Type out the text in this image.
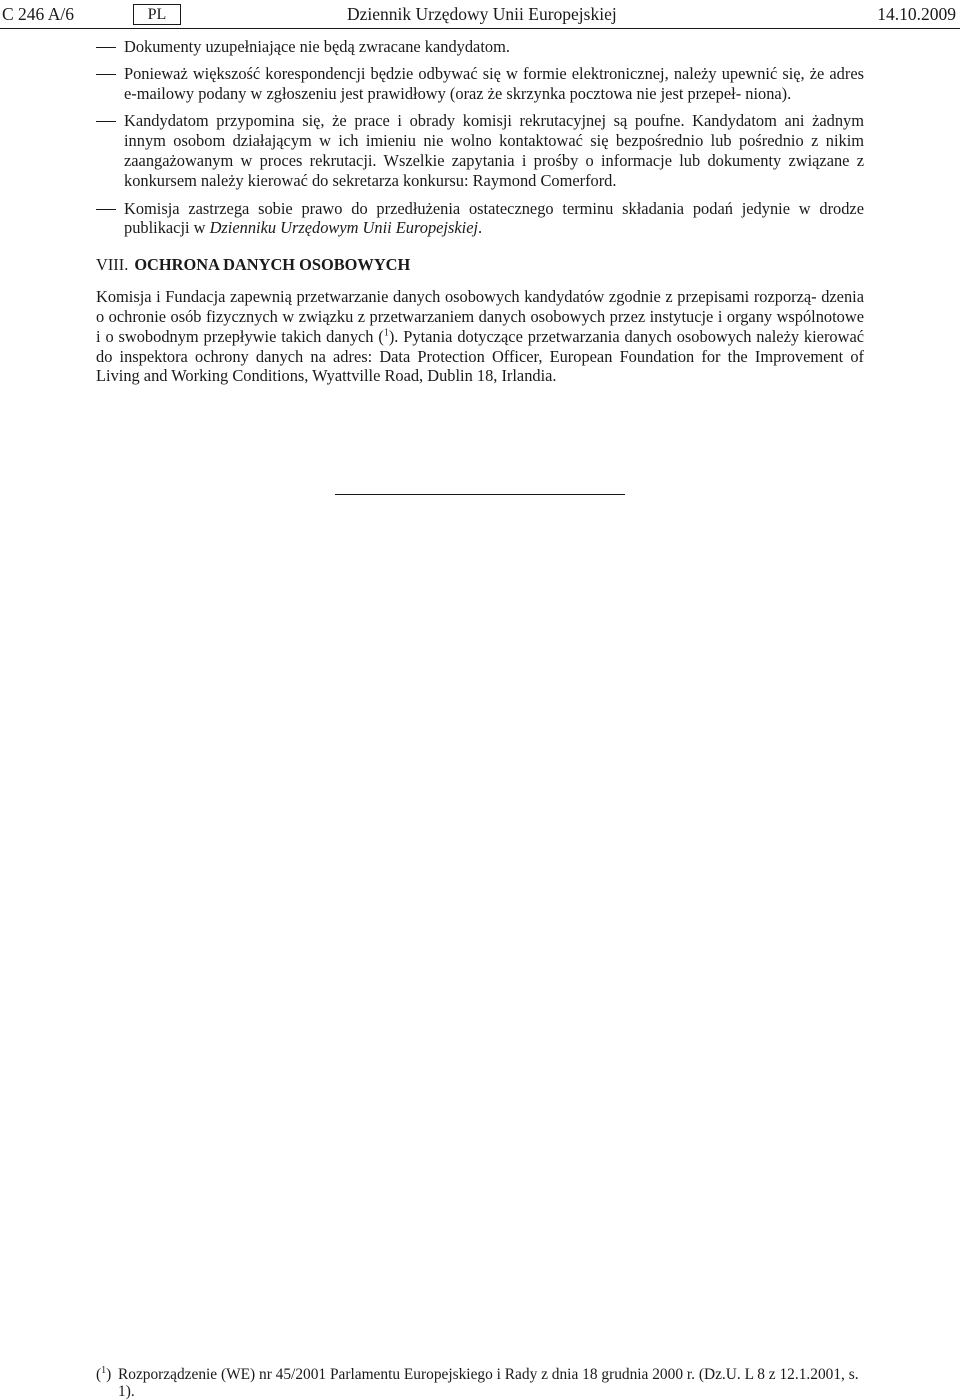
C 246 A/6	PL	Dziennik Urzędowy Unii Europejskiej	14.10.2009
Dokumenty uzupełniające nie będą zwracane kandydatom.
Ponieważ większość korespondencji będzie odbywać się w formie elektronicznej, należy upewnić się, że adres e-mailowy podany w zgłoszeniu jest prawidłowy (oraz że skrzynka pocztowa nie jest przepeł- niona).
Kandydatom przypomina się, że prace i obrady komisji rekrutacyjnej są poufne. Kandydatom ani żadnym innym osobom działającym w ich imieniu nie wolno kontaktować się bezpośrednio lub pośrednio z nikim zaangażowanym w proces rekrutacji. Wszelkie zapytania i prośby o informacje lub dokumenty związane z konkursem należy kierować do sekretarza konkursu: Raymond Comerford.
Komisja zastrzega sobie prawo do przedłużenia ostatecznego terminu składania podań jedynie w drodze publikacji w Dzienniku Urzędowym Unii Europejskiej.
VIII. OCHRONA DANYCH OSOBOWYCH
Komisja i Fundacja zapewnią przetwarzanie danych osobowych kandydatów zgodnie z przepisami rozporzą- dzenia o ochronie osób fizycznych w związku z przetwarzaniem danych osobowych przez instytucje i organy wspólnotowe i o swobodnym przepływie takich danych ($^1$). Pytania dotyczące przetwarzania danych osobowych należy kierować do inspektora ochrony danych na adres: Data Protection Officer, European Foundation for the Improvement of Living and Working Conditions, Wyattville Road, Dublin 18, Irlandia.
($^1$) Rozporządzenie (WE) nr 45/2001 Parlamentu Europejskiego i Rady z dnia 18 grudnia 2000 r. (Dz.U. L 8 z 12.1.2001, s. 1).
